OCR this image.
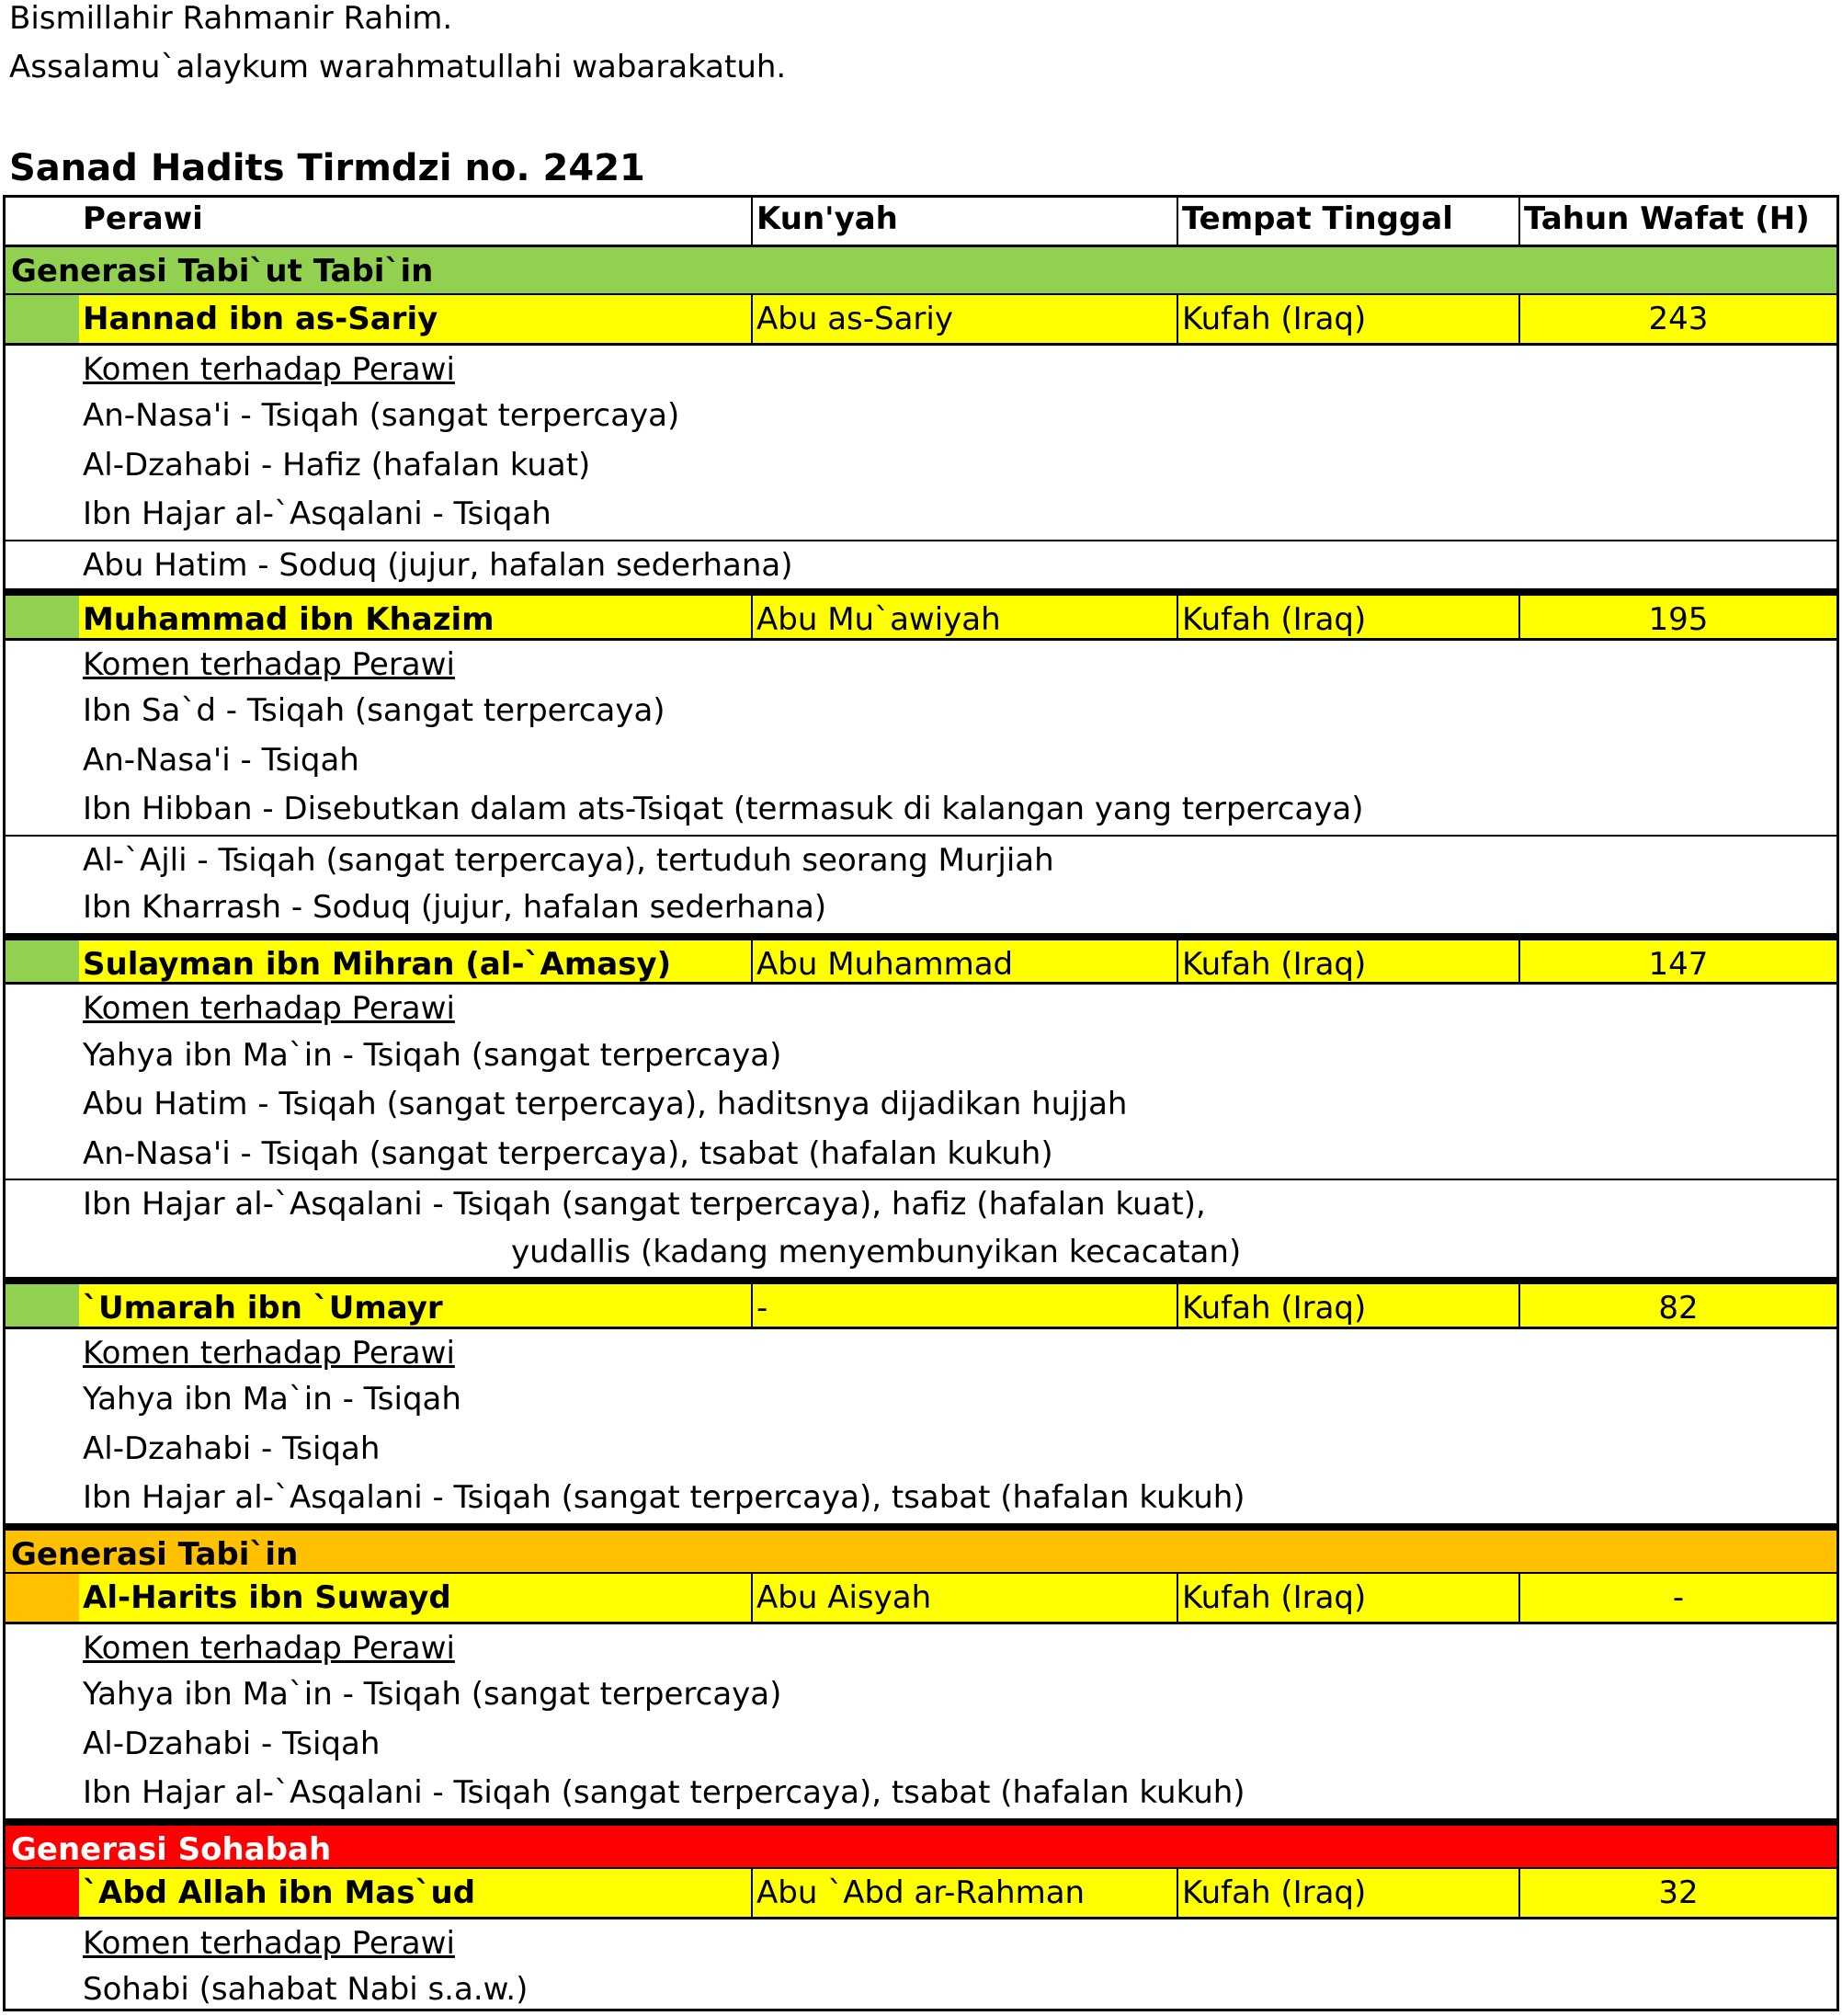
Bismillahir Rahmanir Rahim.
Assalamu`alaykum warahmatullahi wabarakatuh.
Sanad Hadits Tirmdzi no. 2421
Perawi	Kun'yah	Tempat Tinggal	Tahun Wafat (H)
Generasi Tabi`ut Tabi`in
Hannad ibn as-Sariy	Abu as-Sariy	Kufah (Iraq)	243
Komen terhadap Perawi
An-Nasa'i - Tsiqah (sangat terpercaya)
Al-Dzahabi - Hafiz (hafalan kuat)
Ibn Hajar al-`Asqalani - Tsiqah
Abu Hatim - Soduq (jujur, hafalan sederhana)
Muhammad ibn Khazim	Abu Mu`awiyah	Kufah (Iraq)	195
Komen terhadap Perawi
Ibn Sa`d - Tsiqah (sangat terpercaya)
An-Nasa'i - Tsiqah
Ibn Hibban - Disebutkan dalam ats-Tsiqat (termasuk di kalangan yang terpercaya)
Al-`Ajli - Tsiqah (sangat terpercaya), tertuduh seorang Murjiah
Ibn Kharrash - Soduq (jujur, hafalan sederhana)
Sulayman ibn Mihran (al-`Amasy)	Abu Muhammad	Kufah (Iraq)	147
Komen terhadap Perawi
Yahya ibn Ma`in - Tsiqah (sangat terpercaya)
Abu Hatim - Tsiqah (sangat terpercaya), haditsnya dijadikan hujjah
An-Nasa'i - Tsiqah (sangat terpercaya), tsabat (hafalan kukuh)
Ibn Hajar al-`Asqalani - Tsiqah (sangat terpercaya), hafiz (hafalan kuat),
yudallis (kadang menyembunyikan kecacatan)
`Umarah ibn `Umayr	-	Kufah (Iraq)	82
Komen terhadap Perawi
Yahya ibn Ma`in - Tsiqah
Al-Dzahabi - Tsiqah
Ibn Hajar al-`Asqalani - Tsiqah (sangat terpercaya), tsabat (hafalan kukuh)
Generasi Tabi`in
Al-Harits ibn Suwayd	Abu Aisyah	Kufah (Iraq)	-
Komen terhadap Perawi
Yahya ibn Ma`in - Tsiqah (sangat terpercaya)
Al-Dzahabi - Tsiqah
Ibn Hajar al-`Asqalani - Tsiqah (sangat terpercaya), tsabat (hafalan kukuh)
Generasi Sohabah
`Abd Allah ibn Mas`ud	Abu `Abd ar-Rahman	Kufah (Iraq)	32
Komen terhadap Perawi
Sohabi (sahabat Nabi s.a.w.)
